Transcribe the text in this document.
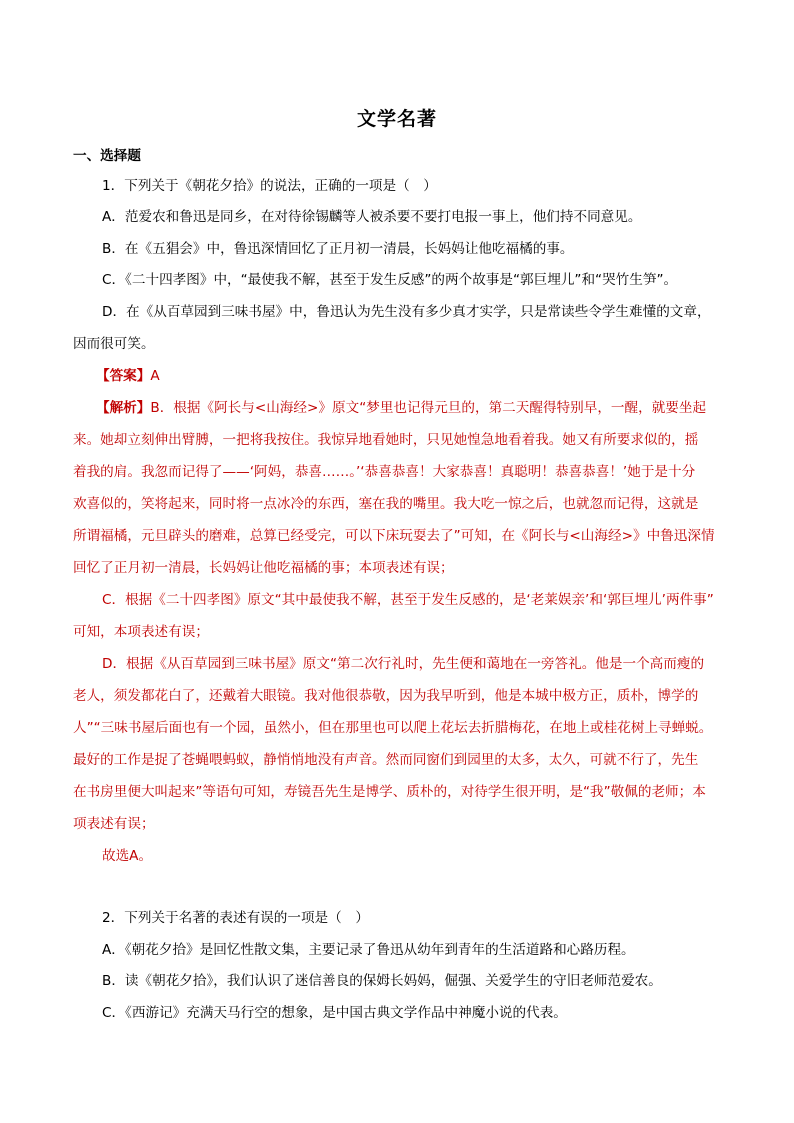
文学名著
一、选择题
1．下列关于《朝花夕拾》的说法，正确的一项是（　）
A．范爱农和鲁迅是同乡，在对待徐锡麟等人被杀要不要打电报一事上，他们持不同意见。
B．在《五猖会》中，鲁迅深情回忆了正月初一清晨，长妈妈让他吃福橘的事。
C．《二十四孝图》中，“最使我不解，甚至于发生反感”的两个故事是“郭巨埋儿”和“哭竹生笋”。
D．在《从百草园到三味书屋》中，鲁迅认为先生没有多少真才实学，只是常读些令学生难懂的文章，
因而很可笑。
【答案】A
【解析】B．根据《阿长与<山海经>》原文“梦里也记得元旦的，第二天醒得特别早，一醒，就要坐起
来。她却立刻伸出臂膊，一把将我按住。我惊异地看她时，只见她惶急地看着我。她又有所要求似的，摇
着我的肩。我忽而记得了——‘阿妈，恭喜……。’‘恭喜恭喜！大家恭喜！真聪明！恭喜恭喜！’她于是十分
欢喜似的，笑将起来，同时将一点冰冷的东西，塞在我的嘴里。我大吃一惊之后，也就忽而记得，这就是
所谓福橘，元旦辟头的磨难，总算已经受完，可以下床玩耍去了”可知，在《阿长与<山海经>》中鲁迅深情
回忆了正月初一清晨，长妈妈让他吃福橘的事；本项表述有误；
C．根据《二十四孝图》原文“其中最使我不解，甚至于发生反感的，是‘老莱娱亲’和‘郭巨埋儿’两件事”
可知，本项表述有误；
D．根据《从百草园到三味书屋》原文“第二次行礼时，先生便和蔼地在一旁答礼。他是一个高而瘦的
老人，须发都花白了，还戴着大眼镜。我对他很恭敬，因为我早听到，他是本城中极方正，质朴，博学的
人”“三味书屋后面也有一个园，虽然小，但在那里也可以爬上花坛去折腊梅花，在地上或桂花树上寻蝉蜕。
最好的工作是捉了苍蝇喂蚂蚁，静悄悄地没有声音。然而同窗们到园里的太多，太久，可就不行了，先生
在书房里便大叫起来”等语句可知，寿镜吾先生是博学、质朴的，对待学生很开明，是“我”敬佩的老师；本
项表述有误；
故选A。
2．下列关于名著的表述有误的一项是（　）
A．《朝花夕拾》是回忆性散文集，主要记录了鲁迅从幼年到青年的生活道路和心路历程。
B．读《朝花夕拾》，我们认识了迷信善良的保姆长妈妈，倔强、关爱学生的守旧老师范爱农。
C．《西游记》充满天马行空的想象，是中国古典文学作品中神魔小说的代表。
